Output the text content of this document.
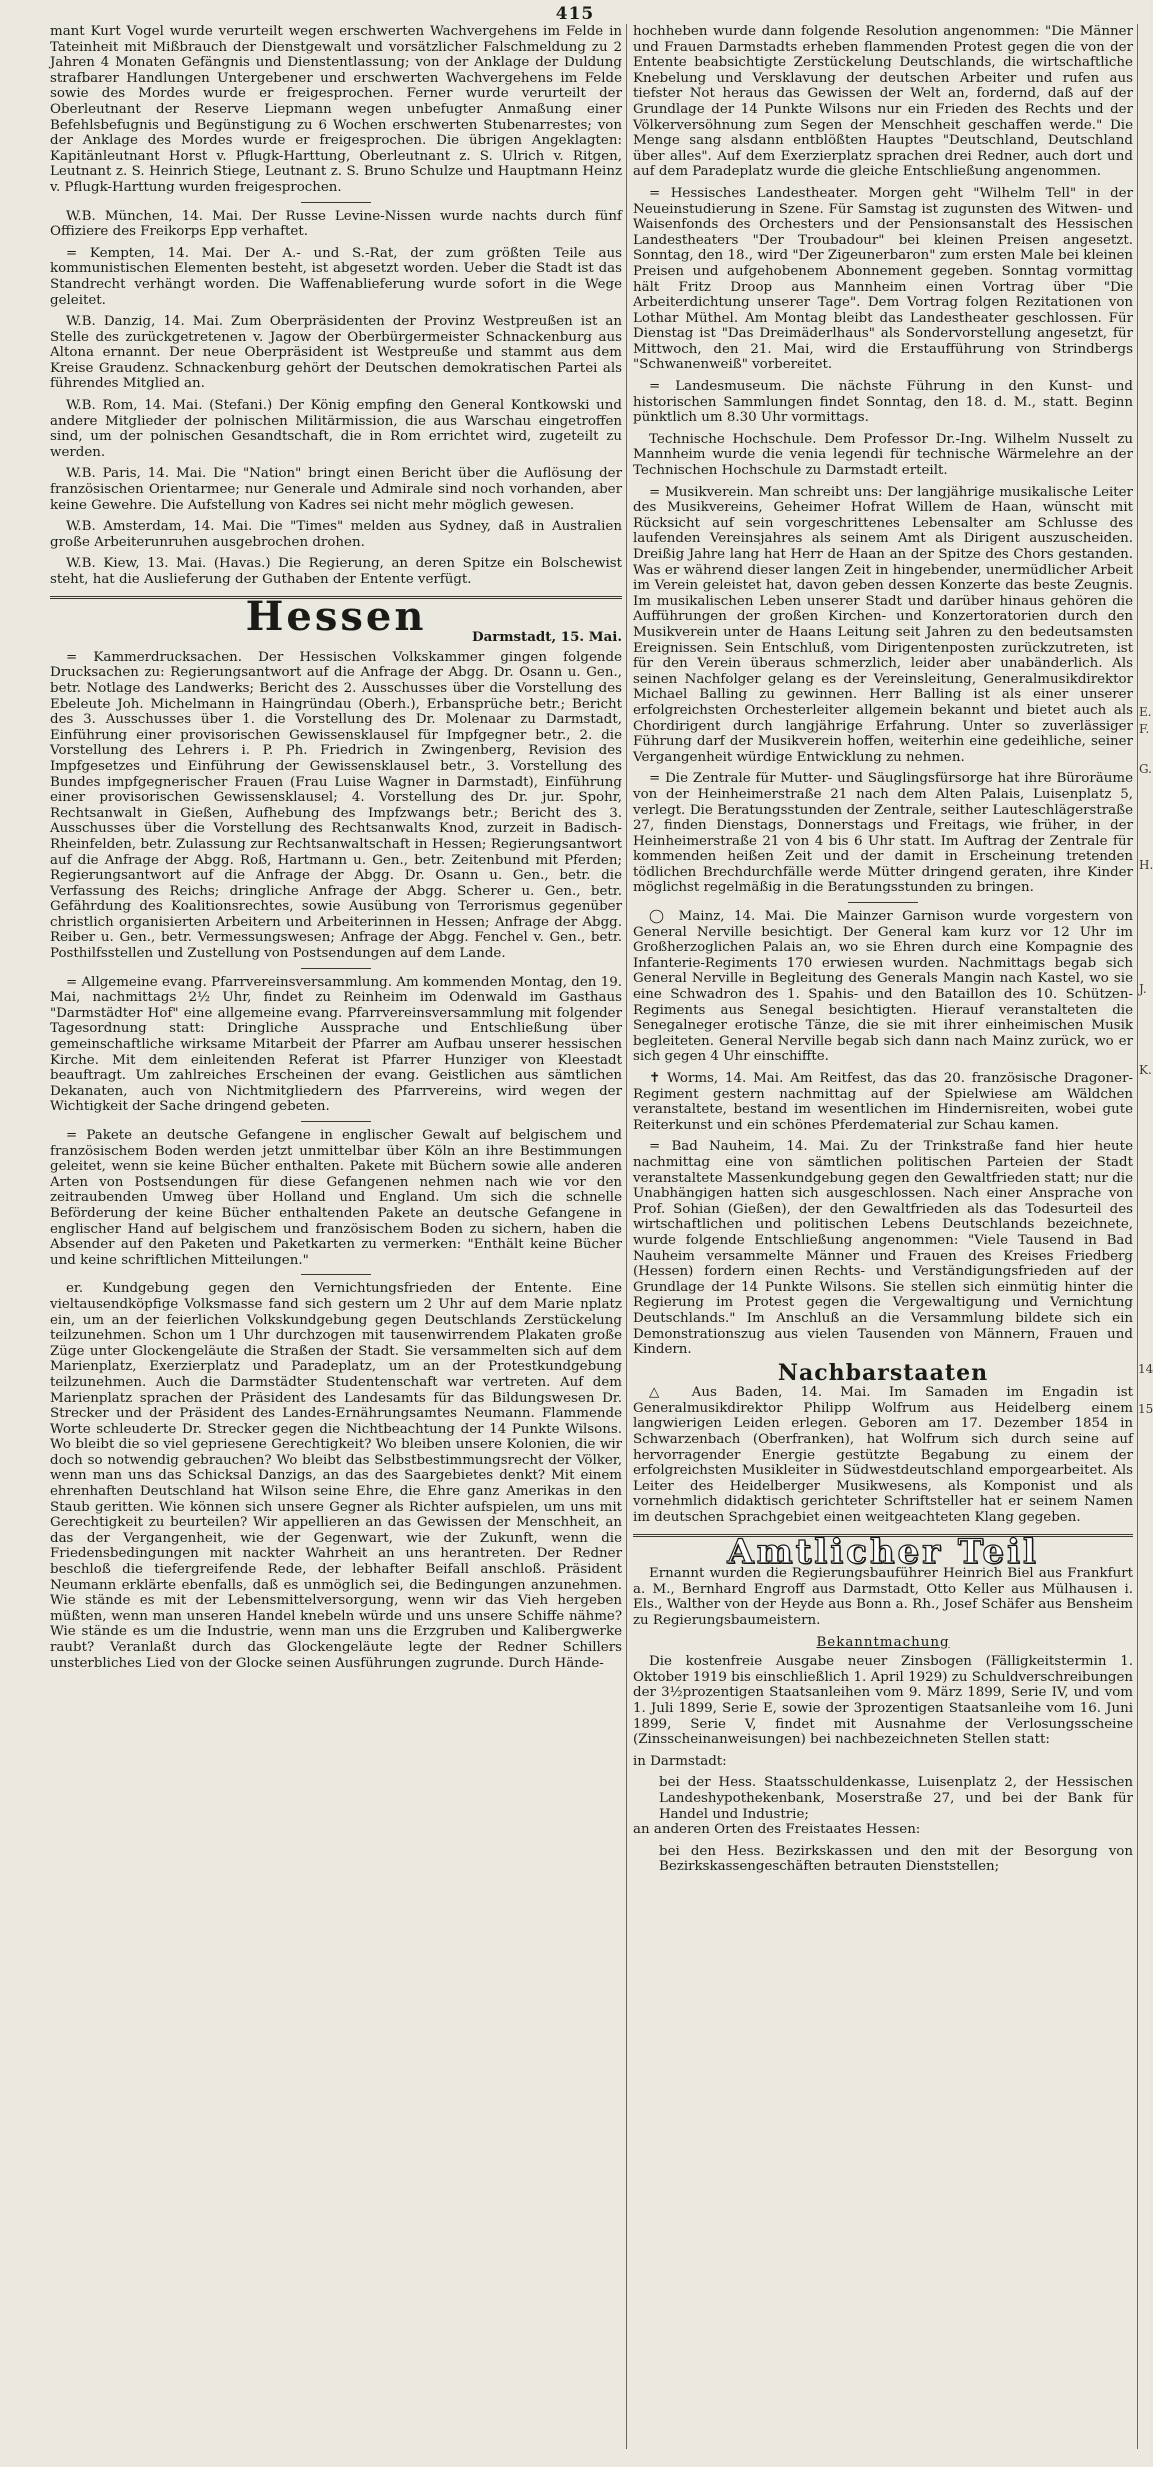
415

mant Kurt Vogel wurde verurteilt wegen erschwerten Wachvergehens im Felde in Tateinheit mit Mißbrauch der Dienstgewalt und vorsätzlicher Falschmeldung zu 2 Jahren 4 Monaten Gefängnis und Dienstentlassung; von der Anklage der Duldung strafbarer Handlungen Untergebener und erschwerten Wachvergehens im Felde sowie des Mordes wurde er freigesprochen. Ferner wurde verurteilt der Oberleutnant der Reserve Liepmann wegen unbefugter Anmaßung einer Befehlsbefugnis und Begünstigung zu 6 Wochen erschwerten Stubenarrestes; von der Anklage des Mordes wurde er freigesprochen. Die übrigen Angeklagten: Kapitänleutnant Horst v. Pflugk-Harttung, Oberleutnant z. S. Ulrich v. Ritgen, Leutnant z. S. Heinrich Stiege, Leutnant z. S. Bruno Schulze und Hauptmann Heinz v. Pflugk-Harttung wurden freigesprochen.

W.B. München, 14. Mai. Der Russe Levine-Nissen wurde nachts durch fünf Offiziere des Freikorps Epp verhaftet.

= Kempten, 14. Mai. Der A.- und S.-Rat, der zum größten Teile aus kommunistischen Elementen besteht, ist abgesetzt worden. Ueber die Stadt ist das Standrecht verhängt worden. Die Waffenablieferung wurde sofort in die Wege geleitet.

W.B. Danzig, 14. Mai. Zum Oberpräsidenten der Provinz Westpreußen ist an Stelle des zurückgetretenen v. Jagow der Oberbürgermeister Schnackenburg aus Altona ernannt. Der neue Oberpräsident ist Westpreuße und stammt aus dem Kreise Graudenz. Schnackenburg gehört der Deutschen demokratischen Partei als führendes Mitglied an.

W.B. Rom, 14. Mai. (Stefani.) Der König empfing den General Kontkowski und andere Mitglieder der polnischen Militärmission, die aus Warschau eingetroffen sind, um der polnischen Gesandtschaft, die in Rom errichtet wird, zugeteilt zu werden.

W.B. Paris, 14. Mai. Die "Nation" bringt einen Bericht über die Auflösung der französischen Orientarmee; nur Generale und Admirale sind noch vorhanden, aber keine Gewehre. Die Aufstellung von Kadres sei nicht mehr möglich gewesen.

W.B. Amsterdam, 14. Mai. Die "Times" melden aus Sydney, daß in Australien große Arbeiterunruhen ausgebrochen drohen.

W.B. Kiew, 13. Mai. (Havas.) Die Regierung, an deren Spitze ein Bolschewist steht, hat die Auslieferung der Guthaben der Entente verfügt.

Hessen	Darmstadt, 15. Mai.

= Kammerdrucksachen. Der Hessischen Volkskammer gingen folgende Drucksachen zu: Regierungsantwort auf die Anfrage der Abgg. Dr. Osann u. Gen., betr. Notlage des Landwerks; Bericht des 2. Ausschusses über die Vorstellung des Ebeleute Joh. Michelmann in Haingründau (Oberh.), Erbansprüche betr.; Bericht des 3. Ausschusses über 1. die Vorstellung des Dr. Molenaar zu Darmstadt, Einführung einer provisorischen Gewissensklausel für Impfgegner betr., 2. die Vorstellung des Lehrers i. P. Ph. Friedrich in Zwingenberg, Revision des Impfgesetzes und Einführung der Gewissensklausel betr., 3. Vorstellung des Bundes impfgegnerischer Frauen (Frau Luise Wagner in Darmstadt), Einführung einer provisorischen Gewissensklausel; 4. Vorstellung des Dr. jur. Spohr, Rechtsanwalt in Gießen, Aufhebung des Impfzwangs betr.; Bericht des 3. Ausschusses über die Vorstellung des Rechtsanwalts Knod, zurzeit in Badisch-Rheinfelden, betr. Zulassung zur Rechtsanwaltschaft in Hessen; Regierungsantwort auf die Anfrage der Abgg. Roß, Hartmann u. Gen., betr. Zeitenbund mit Pferden; Regierungsantwort auf die Anfrage der Abgg. Dr. Osann u. Gen., betr. die Verfassung des Reichs; dringliche Anfrage der Abgg. Scherer u. Gen., betr. Gefährdung des Koalitionsrechtes, sowie Ausübung von Terrorismus gegenüber christlich organisierten Arbeitern und Arbeiterinnen in Hessen; Anfrage der Abgg. Reiber u. Gen., betr. Vermessungswesen; Anfrage der Abgg. Fenchel v. Gen., betr. Posthilfsstellen und Zustellung von Postsendungen auf dem Lande.

= Allgemeine evang. Pfarrvereinsversammlung. Am kommenden Montag, den 19. Mai, nachmittags 2½ Uhr, findet zu Reinheim im Odenwald im Gasthaus "Darmstädter Hof" eine allgemeine evang. Pfarrvereinsversammlung mit folgender Tagesordnung statt: Dringliche Aussprache und Entschließung über gemeinschaftliche wirksame Mitarbeit der Pfarrer am Aufbau unserer hessischen Kirche. Mit dem einleitenden Referat ist Pfarrer Hunziger von Kleestadt beauftragt. Um zahlreiches Erscheinen der evang. Geistlichen aus sämtlichen Dekanaten, auch von Nichtmitgliedern des Pfarrvereins, wird wegen der Wichtigkeit der Sache dringend gebeten.

= Pakete an deutsche Gefangene in englischer Gewalt auf belgischem und französischem Boden werden jetzt unmittelbar über Köln an ihre Bestimmungen geleitet, wenn sie keine Bücher enthalten. Pakete mit Büchern sowie alle anderen Arten von Postsendungen für diese Gefangenen nehmen nach wie vor den zeitraubenden Umweg über Holland und England. Um sich die schnelle Beförderung der keine Bücher enthaltenden Pakete an deutsche Gefangene in englischer Hand auf belgischem und französischem Boden zu sichern, haben die Absender auf den Paketen und Paketkarten zu vermerken: "Enthält keine Bücher und keine schriftlichen Mitteilungen."

er. Kundgebung gegen den Vernichtungsfrieden der Entente. Eine vieltausendköpfige Volksmasse fand sich gestern um 2 Uhr auf dem Marie nplatz ein, um an der feierlichen Volkskundgebung gegen Deutschlands Zerstückelung teilzunehmen. Schon um 1 Uhr durchzogen mit tausenwirrendem Plakaten große Züge unter Glockengeläute die Straßen der Stadt. Sie versammelten sich auf dem Marienplatz, Exerzierplatz und Paradeplatz, um an der Protestkundgebung teilzunehmen. Auch die Darmstädter Studentenschaft war vertreten. Auf dem Marienplatz sprachen der Präsident des Landesamts für das Bildungswesen Dr. Strecker und der Präsident des Landes-Ernährungsamtes Neumann. Flammende Worte schleuderte Dr. Strecker gegen die Nichtbeachtung der 14 Punkte Wilsons. Wo bleibt die so viel gepriesene Gerechtigkeit? Wo bleiben unsere Kolonien, die wir doch so notwendig gebrauchen? Wo bleibt das Selbstbestimmungsrecht der Völker, wenn man uns das Schicksal Danzigs, an das des Saargebietes denkt? Mit einem ehrenhaften Deutschland hat Wilson seine Ehre, die Ehre ganz Amerikas in den Staub geritten. Wie können sich unsere Gegner als Richter aufspielen, um uns mit Gerechtigkeit zu beurteilen? Wir appellieren an das Gewissen der Menschheit, an das der Vergangenheit, wie der Gegenwart, wie der Zukunft, wenn die Friedensbedingungen mit nackter Wahrheit an uns herantreten. Der Redner beschloß die tiefergreifende Rede, der lebhafter Beifall anschloß. Präsident Neumann erklärte ebenfalls, daß es unmöglich sei, die Bedingungen anzunehmen. Wie stände es mit der Lebensmittelversorgung, wenn wir das Vieh hergeben müßten, wenn man unseren Handel knebeln würde und uns unsere Schiffe nähme? Wie stände es um die Industrie, wenn man uns die Erzgruben und Kalibergwerke raubt? Veranlaßt durch das Glockengeläute legte der Redner Schillers unsterbliches Lied von der Glocke seinen Ausführungen zugrunde. Durch Hände-

hochheben wurde dann folgende Resolution angenommen: "Die Männer und Frauen Darmstadts erheben flammenden Protest gegen die von der Entente beabsichtigte Zerstückelung Deutschlands, die wirtschaftliche Knebelung und Versklavung der deutschen Arbeiter und rufen aus tiefster Not heraus das Gewissen der Welt an, fordernd, daß auf der Grundlage der 14 Punkte Wilsons nur ein Frieden des Rechts und der Völkerversöhnung zum Segen der Menschheit geschaffen werde." Die Menge sang alsdann entblößten Hauptes "Deutschland, Deutschland über alles". Auf dem Exerzierplatz sprachen drei Redner, auch dort und auf dem Paradeplatz wurde die gleiche Entschließung angenommen.

= Hessisches Landestheater. Morgen geht "Wilhelm Tell" in der Neueinstudierung in Szene. Für Samstag ist zugunsten des Witwen- und Waisenfonds des Orchesters und der Pensionsanstalt des Hessischen Landestheaters "Der Troubadour" bei kleinen Preisen angesetzt. Sonntag, den 18., wird "Der Zigeunerbaron" zum ersten Male bei kleinen Preisen und aufgehobenem Abonnement gegeben. Sonntag vormittag hält Fritz Droop aus Mannheim einen Vortrag über "Die Arbeiterdichtung unserer Tage". Dem Vortrag folgen Rezitationen von Lothar Müthel. Am Montag bleibt das Landestheater geschlossen. Für Dienstag ist "Das Dreimäderlhaus" als Sondervorstellung angesetzt, für Mittwoch, den 21. Mai, wird die Erstaufführung von Strindbergs "Schwanenweiß" vorbereitet.

= Landesmuseum. Die nächste Führung in den Kunst- und historischen Sammlungen findet Sonntag, den 18. d. M., statt. Beginn pünktlich um 8.30 Uhr vormittags.

Technische Hochschule. Dem Professor Dr.-Ing. Wilhelm Nusselt zu Mannheim wurde die venia legendi für technische Wärmelehre an der Technischen Hochschule zu Darmstadt erteilt.

= Musikverein. Man schreibt uns: Der langjährige musikalische Leiter des Musikvereins, Geheimer Hofrat Willem de Haan, wünscht mit Rücksicht auf sein vorgeschrittenes Lebensalter am Schlusse des laufenden Vereinsjahres als seinem Amt als Dirigent auszuscheiden. Dreißig Jahre lang hat Herr de Haan an der Spitze des Chors gestanden. Was er während dieser langen Zeit in hingebender, unermüdlicher Arbeit im Verein geleistet hat, davon geben dessen Konzerte das beste Zeugnis. Im musikalischen Leben unserer Stadt und darüber hinaus gehören die Aufführungen der großen Kirchen- und Konzertoratorien durch den Musikverein unter de Haans Leitung seit Jahren zu den bedeutsamsten Ereignissen. Sein Entschluß, vom Dirigentenposten zurückzutreten, ist für den Verein überaus schmerzlich, leider aber unabänderlich. Als seinen Nachfolger gelang es der Vereinsleitung, Generalmusikdirektor Michael Balling zu gewinnen. Herr Balling ist als einer unserer erfolgreichsten Orchesterleiter allgemein bekannt und bietet auch als Chordirigent durch langjährige Erfahrung. Unter so zuverlässiger Führung darf der Musikverein hoffen, weiterhin eine gedeihliche, seiner Vergangenheit würdige Entwicklung zu nehmen.

= Die Zentrale für Mutter- und Säuglingsfürsorge hat ihre Büroräume von der Heinheimerstraße 21 nach dem Alten Palais, Luisenplatz 5, verlegt. Die Beratungsstunden der Zentrale, seither Lauteschlägerstraße 27, finden Dienstags, Donnerstags und Freitags, wie früher, in der Heinheimerstraße 21 von 4 bis 6 Uhr statt. Im Auftrag der Zentrale für kommenden heißen Zeit und der damit in Erscheinung tretenden tödlichen Brechdurchfälle werde Mütter dringend geraten, ihre Kinder möglichst regelmäßig in die Beratungsstunden zu bringen.

◯ Mainz, 14. Mai. Die Mainzer Garnison wurde vorgestern von General Nerville besichtigt. Der General kam kurz vor 12 Uhr im Großherzoglichen Palais an, wo sie Ehren durch eine Kompagnie des Infanterie-Regiments 170 erwiesen wurden. Nachmittags begab sich General Nerville in Begleitung des Generals Mangin nach Kastel, wo sie eine Schwadron des 1. Spahis- und den Bataillon des 10. Schützen-Regiments aus Senegal besichtigten. Hierauf veranstalteten die Senegalneger erotische Tänze, die sie mit ihrer einheimischen Musik begleiteten. General Nerville begab sich dann nach Mainz zurück, wo er sich gegen 4 Uhr einschiffte.

✝ Worms, 14. Mai. Am Reitfest, das das 20. französische Dragoner-Regiment gestern nachmittag auf der Spielwiese am Wäldchen veranstaltete, bestand im wesentlichen im Hindernisreiten, wobei gute Reiterkunst und ein schönes Pferdematerial zur Schau kamen.

= Bad Nauheim, 14. Mai. Zu der Trinkstraße fand hier heute nachmittag eine von sämtlichen politischen Parteien der Stadt veranstaltete Massenkundgebung gegen den Gewaltfrieden statt; nur die Unabhängigen hatten sich ausgeschlossen. Nach einer Ansprache von Prof. Sohian (Gießen), der den Gewaltfrieden als das Todesurteil des wirtschaftlichen und politischen Lebens Deutschlands bezeichnete, wurde folgende Entschließung angenommen: "Viele Tausend in Bad Nauheim versammelte Männer und Frauen des Kreises Friedberg (Hessen) fordern einen Rechts- und Verständigungsfrieden auf der Grundlage der 14 Punkte Wilsons. Sie stellen sich einmütig hinter die Regierung im Protest gegen die Vergewaltigung und Vernichtung Deutschlands." Im Anschluß an die Versammlung bildete sich ein Demonstrationszug aus vielen Tausenden von Männern, Frauen und Kindern.

Nachbarstaaten

△ Aus Baden, 14. Mai. Im Samaden im Engadin ist Generalmusikdirektor Philipp Wolfrum aus Heidelberg einem langwierigen Leiden erlegen. Geboren am 17. Dezember 1854 in Schwarzenbach (Oberfranken), hat Wolfrum sich durch seine auf hervorragender Energie gestützte Begabung zu einem der erfolgreichsten Musikleiter in Südwestdeutschland emporgearbeitet. Als Leiter des Heidelberger Musikwesens, als Komponist und als vornehmlich didaktisch gerichteter Schriftsteller hat er seinem Namen im deutschen Sprachgebiet einen weitgeachteten Klang gegeben.

Amtlicher Teil

Ernannt wurden die Regierungsbauführer Heinrich Biel aus Frankfurt a. M., Bernhard Engroff aus Darmstadt, Otto Keller aus Mülhausen i. Els., Walther von der Heyde aus Bonn a. Rh., Josef Schäfer aus Bensheim zu Regierungsbaumeistern.

Bekanntmachung

Die kostenfreie Ausgabe neuer Zinsbogen (Fälligkeitstermin 1. Oktober 1919 bis einschließlich 1. April 1929) zu Schuldverschreibungen der 3½prozentigen Staatsanleihen vom 9. März 1899, Serie IV, und vom 1. Juli 1899, Serie E, sowie der 3prozentigen Staatsanleihe vom 16. Juni 1899, Serie V, findet mit Ausnahme der Verlosungsscheine (Zinsscheinanweisungen) bei nachbezeichneten Stellen statt:

in Darmstadt:
bei der Hess. Staatsschuldenkasse, Luisenplatz 2, der Hessischen Landeshypothekenbank, Moserstraße 27, und bei der Bank für Handel und Industrie;
an anderen Orten des Freistaates Hessen:
bei den Hess. Bezirkskassen und den mit der Besorgung von Bezirkskassengeschäften betrauten Dienststellen;
E.
F.
G.
H.
J.
K.
14
15
